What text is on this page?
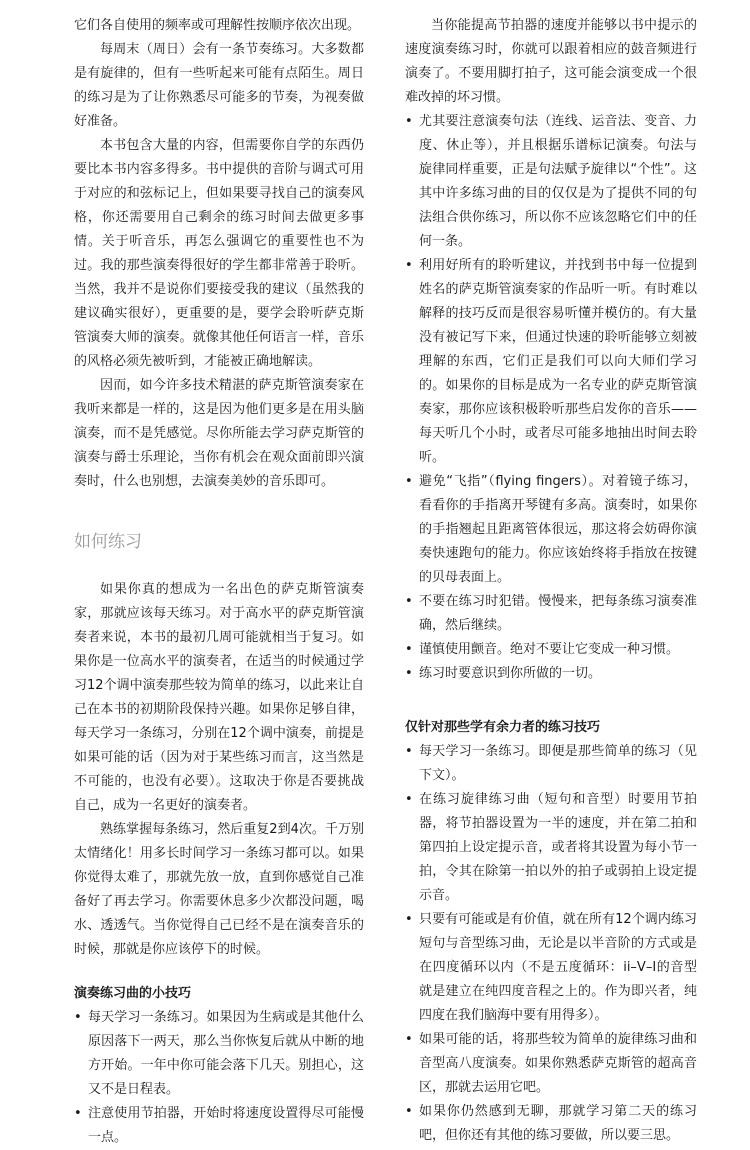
它们各自使用的频率或可理解性按顺序依次出现。

每周末（周日）会有一条节奏练习。大多数都是有旋律的，但有一些听起来可能有点陌生。周日的练习是为了让你熟悉尽可能多的节奏，为视奏做好准备。

本书包含大量的内容，但需要你自学的东西仍要比本书内容多得多。书中提供的音阶与调式可用于对应的和弦标记上，但如果要寻找自己的演奏风格，你还需要用自己剩余的练习时间去做更多事情。关于听音乐，再怎么强调它的重要性也不为过。我的那些演奏得很好的学生都非常善于聆听。当然，我并不是说你们要接受我的建议（虽然我的建议确实很好），更重要的是，要学会聆听萨克斯管演奏大师的演奏。就像其他任何语言一样，音乐的风格必须先被听到，才能被正确地解读。

因而，如今许多技术精湛的萨克斯管演奏家在我听来都是一样的，这是因为他们更多是在用头脑演奏，而不是凭感觉。尽你所能去学习萨克斯管的演奏与爵士乐理论，当你有机会在观众面前即兴演奏时，什么也别想，去演奏美妙的音乐即可。

如何练习

如果你真的想成为一名出色的萨克斯管演奏家，那就应该每天练习。对于高水平的萨克斯管演奏者来说，本书的最初几周可能就相当于复习。如果你是一位高水平的演奏者，在适当的时候通过学习12个调中演奏那些较为简单的练习，以此来让自己在本书的初期阶段保持兴趣。如果你足够自律，每天学习一条练习，分别在12个调中演奏，前提是如果可能的话（因为对于某些练习而言，这当然是不可能的，也没有必要）。这取决于你是否要挑战自己，成为一名更好的演奏者。

熟练掌握每条练习，然后重复2到4次。千万别太情绪化！用多长时间学习一条练习都可以。如果你觉得太难了，那就先放一放，直到你感觉自己准备好了再去学习。你需要休息多少次都没问题，喝水、透透气。当你觉得自己已经不是在演奏音乐的时候，那就是你应该停下的时候。

演奏练习曲的小技巧
• 每天学习一条练习。如果因为生病或是其他什么原因落下一两天，那么当你恢复后就从中断的地方开始。一年中你可能会落下几天。别担心，这又不是日程表。
• 注意使用节拍器，开始时将速度设置得尽可能慢一点。

当你能提高节拍器的速度并能够以书中提示的速度演奏练习时，你就可以跟着相应的鼓音频进行演奏了。不要用脚打拍子，这可能会演变成一个很难改掉的坏习惯。

• 尤其要注意演奏句法（连线、运音法、变音、力度、休止等），并且根据乐谱标记演奏。句法与旋律同样重要，正是句法赋予旋律以“个性”。这其中许多练习曲的目的仅仅是为了提供不同的句法组合供你练习，所以你不应该忽略它们中的任何一条。
• 利用好所有的聆听建议，并找到书中每一位提到姓名的萨克斯管演奏家的作品听一听。有时难以解释的技巧反而是很容易听懂并模仿的。有大量没有被记写下来，但通过快速的聆听能够立刻被理解的东西，它们正是我们可以向大师们学习的。如果你的目标是成为一名专业的萨克斯管演奏家，那你应该积极聆听那些启发你的音乐——每天听几个小时，或者尽可能多地抽出时间去聆听。
• 避免“飞指”（flying fingers）。对着镜子练习，看看你的手指离开琴键有多高。演奏时，如果你的手指翘起且距离管体很远，那这将会妨碍你演奏快速跑句的能力。你应该始终将手指放在按键的贝母表面上。
• 不要在练习时犯错。慢慢来，把每条练习演奏准确，然后继续。
• 谨慎使用颤音。绝对不要让它变成一种习惯。
• 练习时要意识到你所做的一切。
仅针对那些学有余力者的练习技巧
• 每天学习一条练习。即便是那些简单的练习（见下文）。
• 在练习旋律练习曲（短句和音型）时要用节拍器，将节拍器设置为一半的速度，并在第二拍和第四拍上设定提示音，或者将其设置为每小节一拍，令其在除第一拍以外的拍子或弱拍上设定提示音。
• 只要有可能或是有价值，就在所有12个调内练习短句与音型练习曲，无论是以半音阶的方式或是在四度循环以内（不是五度循环：ii–V–I的音型就是建立在纯四度音程之上的。作为即兴者，纯四度在我们脑海中要有用得多）。
• 如果可能的话，将那些较为简单的旋律练习曲和音型高八度演奏。如果你熟悉萨克斯管的超高音区，那就去运用它吧。
• 如果你仍然感到无聊，那就学习第二天的练习吧，但你还有其他的练习要做，所以要三思。
